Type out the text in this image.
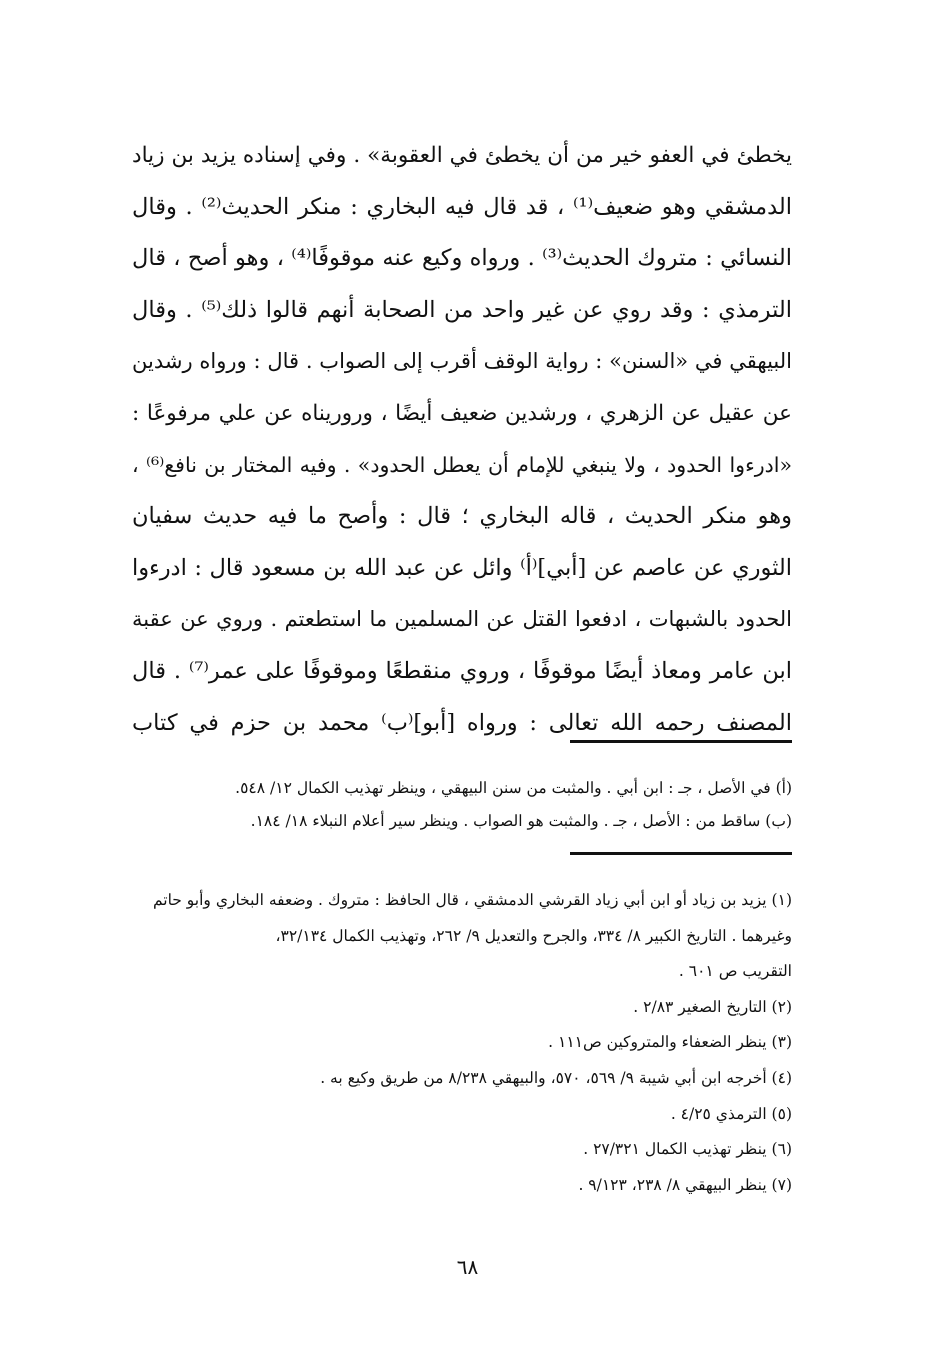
يخطئ في العفو خير من أن يخطئ في العقوبة» . وفي إسناده يزيد بن زياد
الدمشقي وهو ضعيف⁽¹⁾ ، قد قال فيه البخاري : منكر الحديث⁽²⁾ . وقال
النسائي : متروك الحديث⁽³⁾ . ورواه وكيع عنه موقوفًا⁽⁴⁾ ، وهو أصح ، قال
الترمذي : وقد روي عن غير واحد من الصحابة أنهم قالوا ذلك⁽⁵⁾ . وقال
البيهقي في «السنن» : رواية الوقف أقرب إلى الصواب . قال : ورواه رشدين
عن عقيل عن الزهري ، ورشدين ضعيف أيضًا ، وروريناه عن علي مرفوعًا :
«ادرءوا الحدود ، ولا ينبغي للإمام أن يعطل الحدود» . وفيه المختار بن نافع⁽⁶⁾ ،
وهو منكر الحديث ، قاله البخاري ؛ قال : وأصح ما فيه حديث سفيان
الثوري عن عاصم عن [أبي]⁽أ⁾ وائل عن عبد الله بن مسعود قال : ادرءوا
الحدود بالشبهات ، ادفعوا القتل عن المسلمين ما استطعتم . وروي عن عقبة
ابن عامر ومعاذ أيضًا موقوفًا ، وروي منقطعًا وموقوفًا على عمر⁽⁷⁾ . قال
المصنف رحمه الله تعالى : ورواه [أبو]⁽ب⁾ محمد بن حزم في كتاب
(أ) في الأصل ، جـ : ابن أبي . والمثبت من سنن البيهقي ، وينظر تهذيب الكمال ١٢/ ٥٤٨.
(ب) ساقط من : الأصل ، جـ . والمثبت هو الصواب . وينظر سير أعلام النبلاء ١٨/ ١٨٤.
(١) يزيد بن زياد أو ابن أبي زياد القرشي الدمشقي ، قال الحافظ : متروك . وضعفه البخاري وأبو حاتم
وغيرهما . التاريخ الكبير ٨/ ٣٣٤، والجرح والتعديل ٩/ ٢٦٢، وتهذيب الكمال ٣٢/١٣٤،
التقريب ص ٦٠١ .
(٢) التاريخ الصغير ٢/٨٣ .
(٣) ينظر الضعفاء والمتروكين ص١١١ .
(٤) أخرجه ابن أبي شيبة ٩/ ٥٦٩، ٥٧٠، والبيهقي ٨/٢٣٨ من طريق وكيع به .
(٥) الترمذي ٤/٢٥ .
(٦) ينظر تهذيب الكمال ٢٧/٣٢١ .
(٧) ينظر البيهقي ٨/ ٢٣٨، ٩/١٢٣ .
٦٨
